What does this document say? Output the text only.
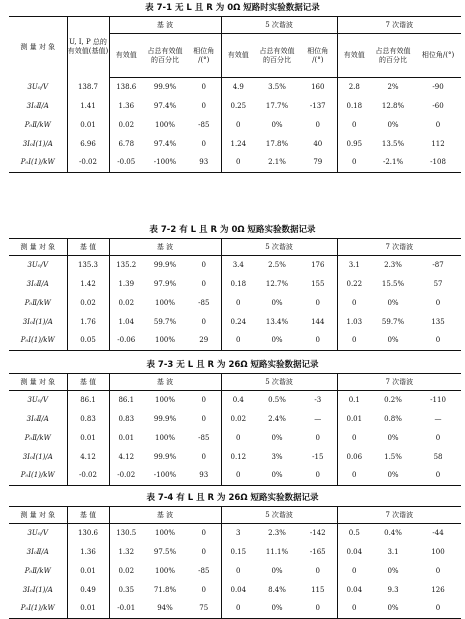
表 7-1 无 L 且 R 为 0Ω 短路时实验数据记录
测 量 对 象	U, I, P 总的有效值(基值)	基 波			5 次谐波			7 次谐波		
		有效值	占总有效值的百分比	相位角 /(°)	有效值	占总有效值的百分比	相位角 /(°)	有效值	占总有效值的百分比	相位角/(°)
3U₀/V	138.7	138.6	99.9%	0	4.9	3.5%	160	2.8	2%	-90
3I₀Ⅱ/A	1.41	1.36	97.4%	0	0.25	17.7%	-137	0.18	12.8%	-60
P₀Ⅱ/kW	0.01	0.02	100%	-85	0	0%	0	0	0%	0
3I₀Ⅰ(1)/A	6.96	6.78	97.4%	0	1.24	17.8%	40	0.95	13.5%	112
P₀Ⅰ(1)/kW	-0.02	-0.05	-100%	93	0	2.1%	79	0	-2.1%	-108
表 7-2 有 L 且 R 为 0Ω 短路实验数据记录
测 量 对 象	基 值	基 波			5 次谐波			7 次谐波		
3U₀/V	135.3	135.2	99.9%	0	3.4	2.5%	176	3.1	2.3%	-87
3I₀Ⅱ/A	1.42	1.39	97.9%	0	0.18	12.7%	155	0.22	15.5%	57
P₀Ⅱ/kW	0.02	0.02	100%	-85	0	0%	0	0	0%	0
3I₀Ⅰ(1)/A	1.76	1.04	59.7%	0	0.24	13.4%	144	1.03	59.7%	135
P₀Ⅰ(1)/kW	0.05	-0.06	100%	29	0	0%	0	0	0%	0
表 7-3 无 L 且 R 为 26Ω 短路实验数据记录
测 量 对 象	基 值	基 波			5 次谐波			7 次谐波		
3U₀/V	86.1	86.1	100%	0	0.4	0.5%	-3	0.1	0.2%	-110
3I₀Ⅱ/A	0.83	0.83	99.9%	0	0.02	2.4%	—	0.01	0.8%	—
P₀Ⅱ/kW	0.01	0.01	100%	-85	0	0%	0	0	0%	0
3I₀Ⅰ(1)/A	4.12	4.12	99.9%	0	0.12	3%	-15	0.06	1.5%	58
P₀Ⅰ(1)/kW	-0.02	-0.02	-100%	93	0	0%	0	0	0%	0
表 7-4 有 L 且 R 为 26Ω 短路实验数据记录
测 量 对 象	基 值	基 波			5 次谐波			7 次谐波		
3U₀/V	130.6	130.5	100%	0	3	2.3%	-142	0.5	0.4%	-44
3I₀Ⅱ/A	1.36	1.32	97.5%	0	0.15	11.1%	-165	0.04	3.1	100
P₀Ⅱ/kW	0.01	0.02	100%	-85	0	0%	0	0	0%	0
3I₀Ⅰ(1)/A	0.49	0.35	71.8%	0	0.04	8.4%	115	0.04	9.3	126
P₀Ⅰ(1)/kW	0.01	-0.01	94%	75	0	0%	0	0	0%	0
